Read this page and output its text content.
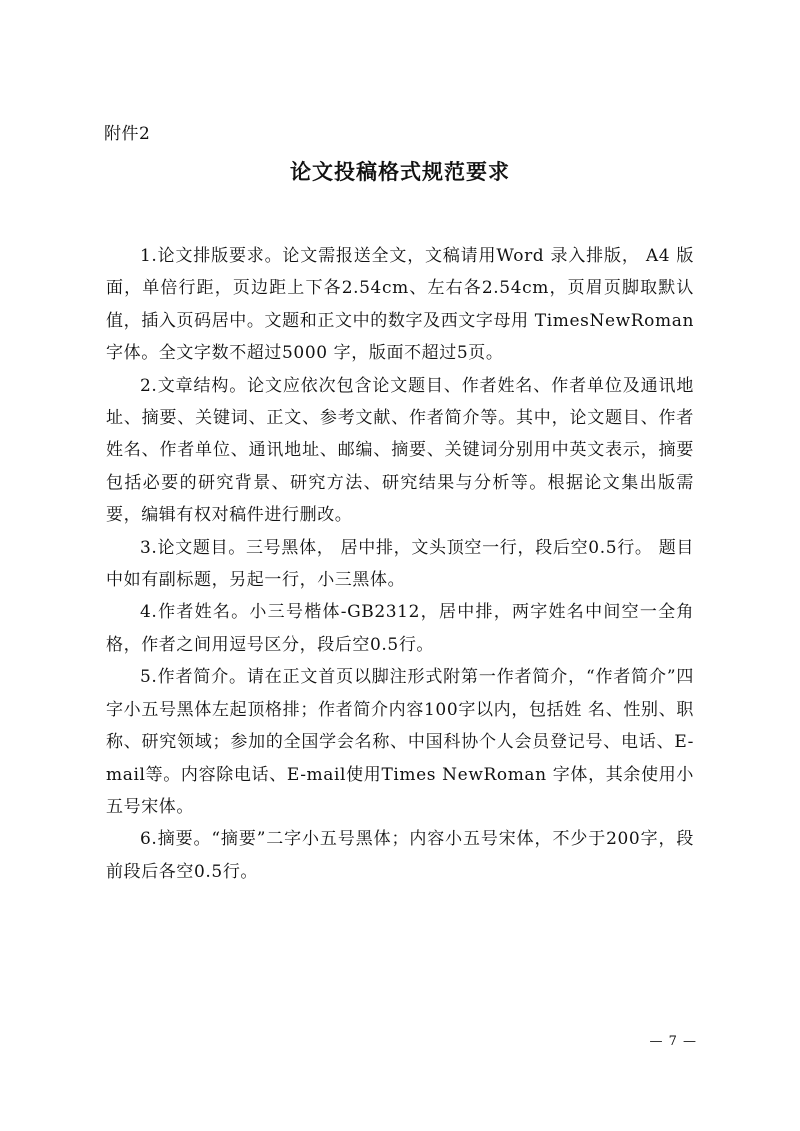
附件2
论文投稿格式规范要求

1.论文排版要求。论文需报送全文，文稿请用Word 录入排版， A4 版面，单倍行距，页边距上下各2.54cm、左右各2.54cm，页眉页脚取默认值，插入页码居中。文题和正文中的数字及西文字母用 TimesNewRoman 字体。全文字数不超过5000 字，版面不超过5页。

2.文章结构。论文应依次包含论文题目、作者姓名、作者单位及通讯地址、摘要、关键词、正文、参考文献、作者简介等。其中，论文题目、作者姓名、作者单位、通讯地址、邮编、摘要、关键词分别用中英文表示，摘要包括必要的研究背景、研究方法、研究结果与分析等。根据论文集出版需要，编辑有权对稿件进行删改。

3.论文题目。三号黑体， 居中排，文头顶空一行，段后空0.5行。 题目中如有副标题，另起一行，小三黑体。

4.作者姓名。小三号楷体-GB2312，居中排，两字姓名中间空一全角格，作者之间用逗号区分，段后空0.5行。

5.作者简介。请在正文首页以脚注形式附第一作者简介，“作者简介”四字小五号黑体左起顶格排；作者简介内容100字以内，包括姓 名、性别、职称、研究领域；参加的全国学会名称、中国科协个人会员登记号、电话、E-mail等。内容除电话、E-mail使用Times NewRoman 字体，其余使用小五号宋体。

6.摘要。“摘要”二字小五号黑体；内容小五号宋体，不少于200字，段前段后各空0.5行。

— 7 —
